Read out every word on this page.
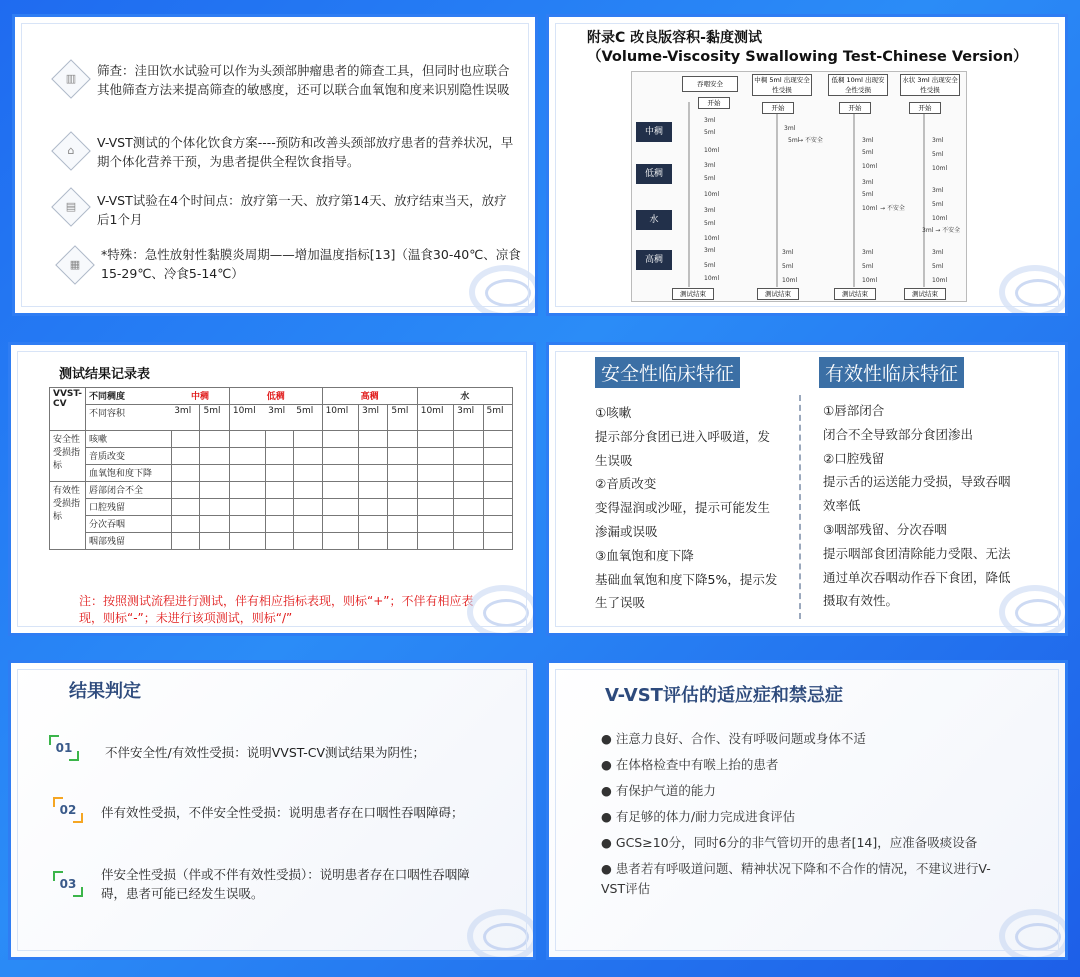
▥
筛查：洼田饮水试验可以作为头颈部肿瘤患者的筛查工具，但同时也应联合其他筛查方法来提高筛查的敏感度，还可以联合血氧饱和度来识别隐性误吸
⌂
V-VST测试的个体化饮食方案----预防和改善头颈部放疗患者的营养状况，早期个体化营养干预，为患者提供全程饮食指导。
▤	V-VST试验在4个时间点：放疗第一天、放疗第14天、放疗结束当天，放疗后1个月
▦
*特殊：急性放射性黏膜炎周期——增加温度指标[13]（温食30-40℃、凉食15-29℃、冷食5-14℃）
附录C 改良版容积-黏度测试
（Volume-Viscosity Swallowing Test-Chinese Version）
中稠
低稠
水
高稠
吞咽安全	中稠 5ml 出现安全性受损
低稠 10ml 出现安全性受损
水状 3ml 出现安全性受损
3ml
5ml
10ml
3ml
5ml
10ml
3ml
5ml
10ml
3ml
5ml
10ml
3ml
5ml
→ 不安全	3ml
5ml
10ml
3ml
5ml
10ml → 不安全
3ml
5ml
10ml
3ml
5ml
10ml
3ml → 不安全
3ml
5ml
10ml
3ml
5ml
10ml
3ml
5ml
10ml
开始
开始	开始	开始
测试结束	测试结束	测试结束	测试结束
测试结果记录表
VVST-CV	不同稠度	中稠		低稠			高稠			水		
	不同容积	3ml	5ml	10ml	3ml	5ml	10ml	3ml	5ml	10ml	3ml	5ml
安全性受损指标	咳嗽											
	音质改变											
	血氧饱和度下降											
有效性受损指标	唇部闭合不全											
	口腔残留											
	分次吞咽											
	咽部残留											
注：按照测试流程进行测试，伴有相应指标表现，则标“+”；不伴有相应表现，则标“-”；未进行该项测试，则标“/”
安全性临床特征	有效性临床特征
①咳嗽
提示部分食团已进入呼吸道，发
生误吸
②音质改变
变得湿润或沙哑，提示可能发生
渗漏或误吸
③血氧饱和度下降
基础血氧饱和度下降5%，提示发
生了误吸
①唇部闭合
闭合不全导致部分食团渗出
②口腔残留
提示舌的运送能力受损，导致吞咽
效率低
③咽部残留、分次吞咽
提示咽部食团清除能力受限、无法
通过单次吞咽动作吞下食团，降低
摄取有效性。
结果判定
01	不伴安全性/有效性受损：说明VVST-CV测试结果为阴性；
02	伴有效性受损，不伴安全性受损：说明患者存在口咽性吞咽障碍；
03
伴安全性受损（伴或不伴有效性受损）：说明患者存在口咽性吞咽障碍，患者可能已经发生误吸。
V-VST评估的适应症和禁忌症
● 注意力良好、合作、没有呼吸问题或身体不适
● 在体格检查中有喉上抬的患者
● 有保护气道的能力
● 有足够的体力/耐力完成进食评估
● GCS≥10分，同时6分的非气管切开的患者[14]，应准备吸痰设备
● 患者若有呼吸道问题、精神状况下降和不合作的情况，不建议进行V-VST评估
